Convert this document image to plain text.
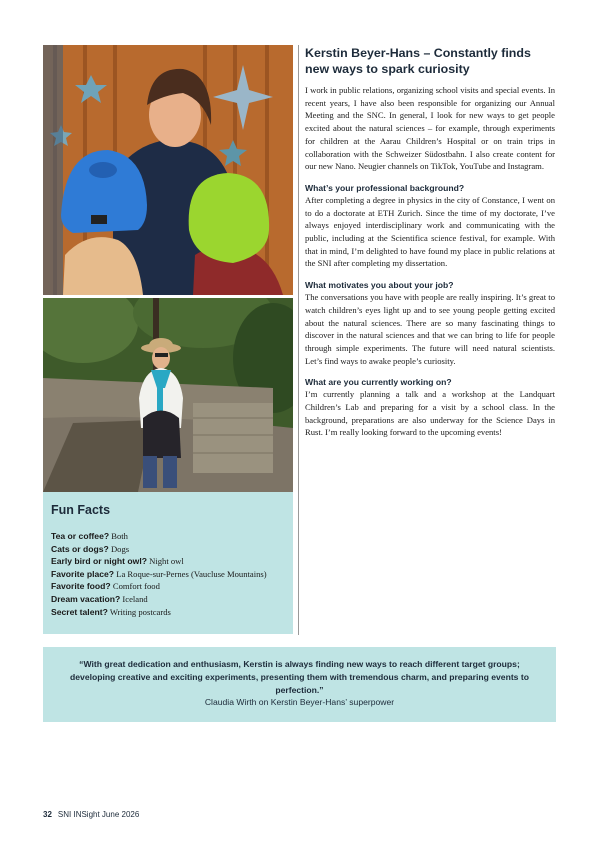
Fun Facts
Tea or coffee? Both
Cats or dogs? Dogs
Early bird or night owl? Night owl
Favorite place? La Roque-sur-Pernes (Vaucluse Mountains)
Favorite food? Comfort food
Dream vacation? Iceland
Secret talent? Writing postcards
Kerstin Beyer-Hans – Constantly finds new ways to spark curiosity

I work in public relations, organizing school visits and special events. In recent years, I have also been responsible for organizing our Annual Meeting and the SNC. In general, I look for new ways to get people excited about the natural sciences – for example, through experiments for children at the Aarau Children’s Hospital or on train trips in collaboration with the Schweizer Südostbahn. I also create content for our new Nano. Neugier channels on TikTok, YouTube and Instagram.

What’s your professional background?

After completing a degree in physics in the city of Constance, I went on to do a doctorate at ETH Zurich. Since the time of my doctorate, I’ve always enjoyed interdisciplinary work and communicating with the public, including at the Scientifica science festival, for example. With that in mind, I’m delighted to have found my place in public relations at the SNI after completing my dissertation.

What motivates you about your job?

The conversations you have with people are really inspiring. It’s great to watch children’s eyes light up and to see young people getting excited about the natural sciences. There are so many fascinating things to discover in the natural sciences and that we can bring to life for people through simple experiments. The future will need natural scientists. Let’s find ways to awake people’s curiosity.

What are you currently working on?

I’m currently planning a talk and a workshop at the Landquart Children’s Lab and preparing for a visit by a school class. In the background, preparations are also underway for the Science Days in Rust. I’m really looking forward to the upcoming events!

“With great dedication and enthusiasm, Kerstin is always finding new ways to reach different target groups; developing creative and exciting experiments, presenting them with tremendous charm, and preparing events to perfection.”
Claudia Wirth on Kerstin Beyer-Hans’ superpower
32 SNI INSight June 2026
